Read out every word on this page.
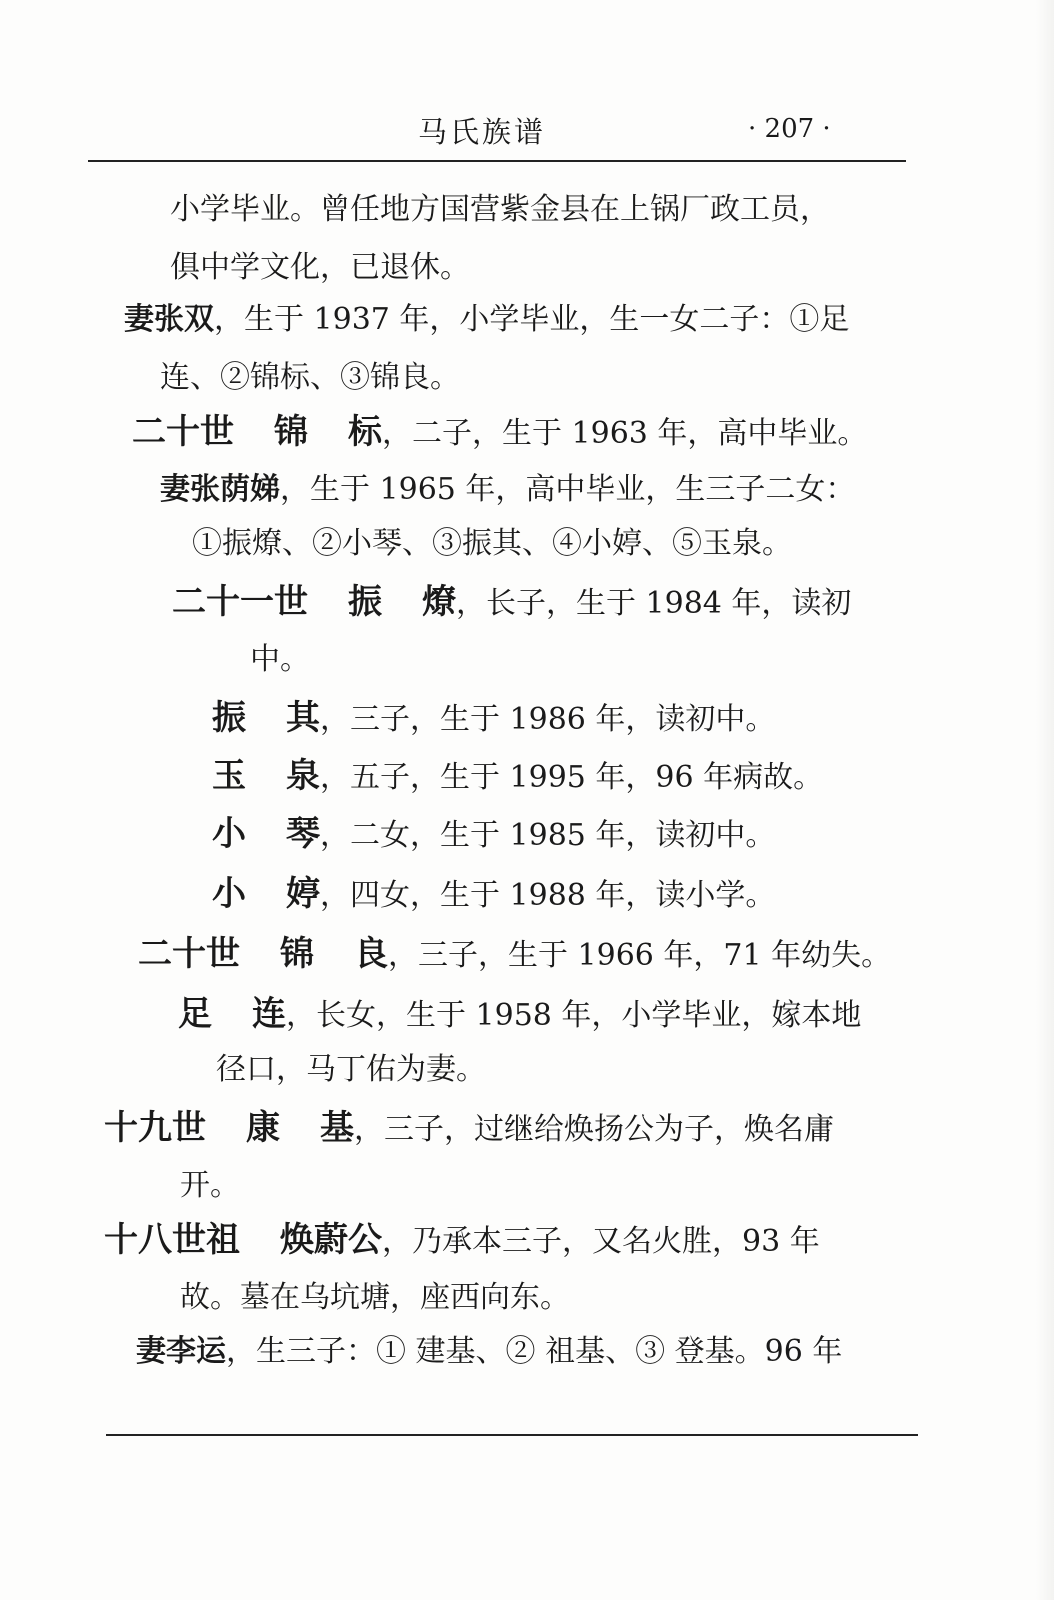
马氏族谱	· 207 ·
小学毕业。曾任地方国营紫金县在上锅厂政工员，
俱中学文化，已退休。
妻张双，生于 1937 年，小学毕业，生一女二子：①足
连、②锦标、③锦良。
二十世 锦 标，二子，生于 1963 年，高中毕业。
妻张荫娣，生于 1965 年，高中毕业，生三子二女：
①振燎、②小琴、③振其、④小婷、⑤玉泉。
二十一世 振 燎，长子，生于 1984 年，读初
中。
振 其，三子，生于 1986 年，读初中。
玉 泉，五子，生于 1995 年，96 年病故。
小 琴，二女，生于 1985 年，读初中。
小 婷，四女，生于 1988 年，读小学。
二十世 锦 良，三子，生于 1966 年，71 年幼失。
足 连，长女，生于 1958 年，小学毕业，嫁本地
径口，马丁佑为妻。
十九世 康 基，三子，过继给焕扬公为子，焕名庸
开。
十八世祖 焕蔚公，乃承本三子，又名火胜，93 年
故。墓在乌坑塘，座西向东。
妻李运，生三子：① 建基、② 祖基、③ 登基。96 年
